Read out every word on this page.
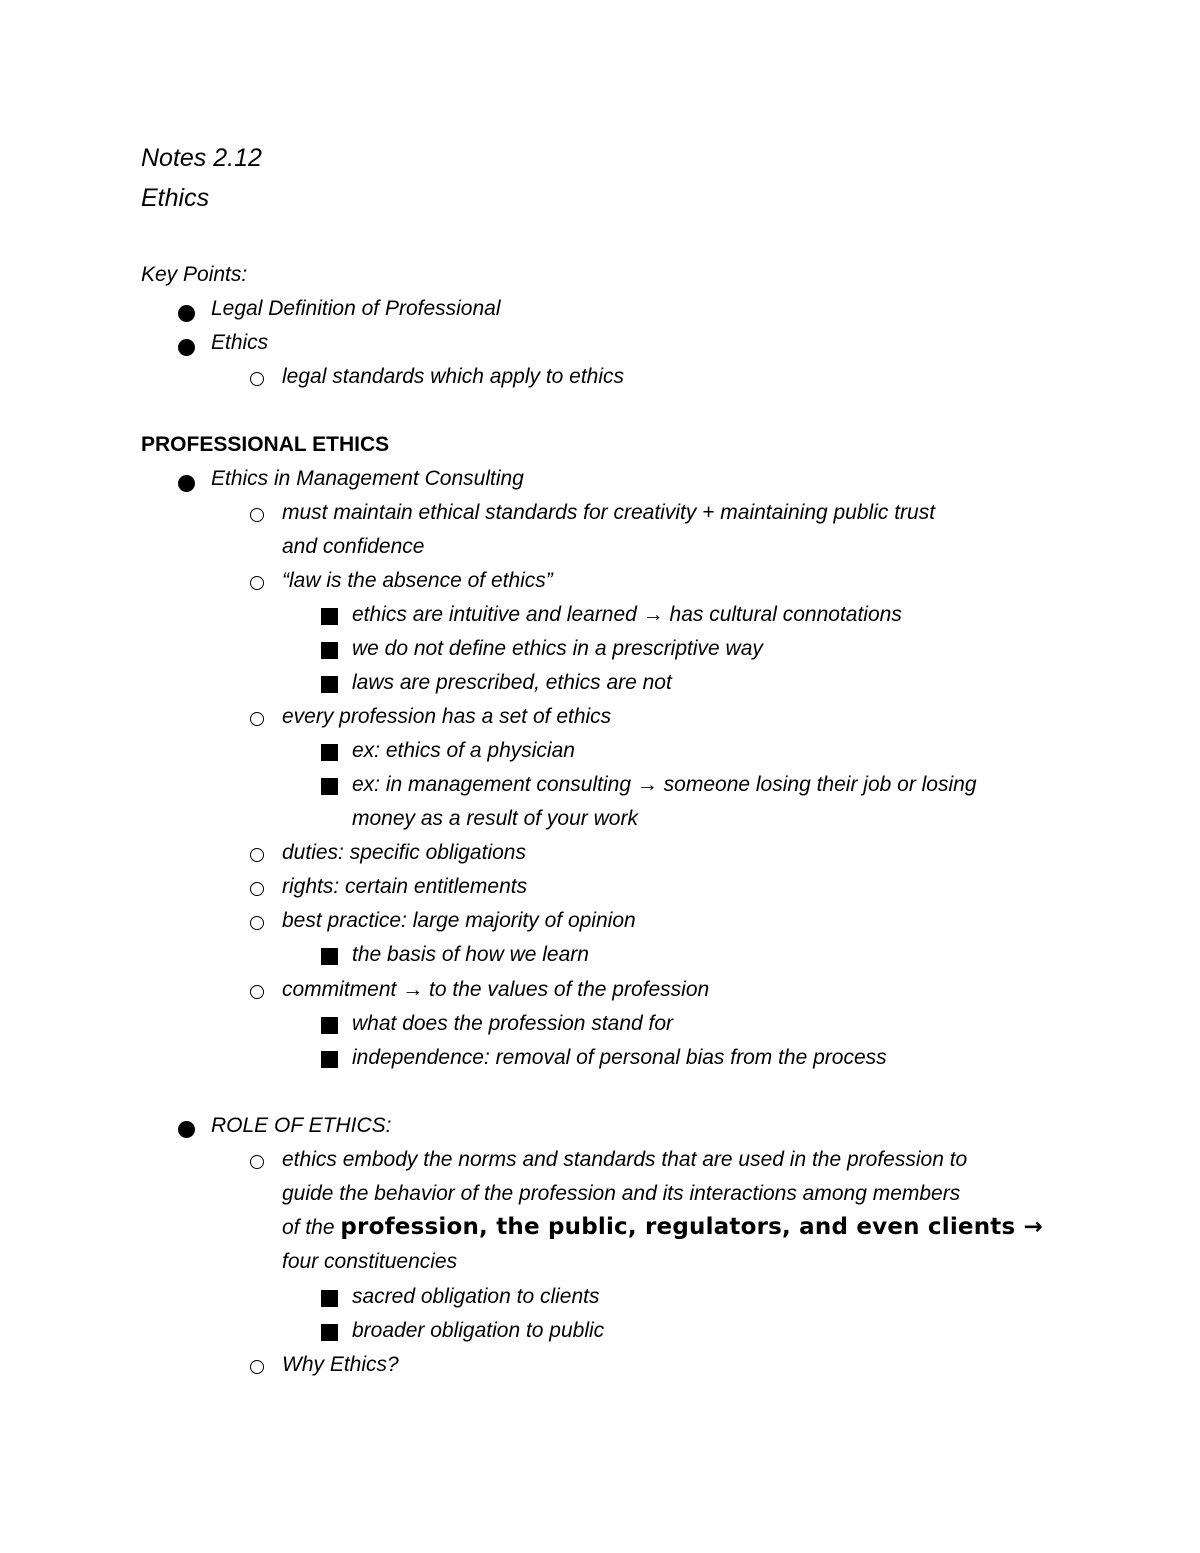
Notes 2.12
Ethics
Key Points:
Legal Definition of Professional
Ethics
legal standards which apply to ethics
PROFESSIONAL ETHICS
Ethics in Management Consulting
must maintain ethical standards for creativity + maintaining public trust
and confidence
“law is the absence of ethics”
ethics are intuitive and learned → has cultural connotations
we do not define ethics in a prescriptive way
laws are prescribed, ethics are not
every profession has a set of ethics
ex: ethics of a physician
ex: in management consulting → someone losing their job or losing
money as a result of your work
duties: specific obligations
rights: certain entitlements
best practice: large majority of opinion
the basis of how we learn
commitment → to the values of the profession
what does the profession stand for
independence: removal of personal bias from the process
ROLE OF ETHICS:
ethics embody the norms and standards that are used in the profession to
guide the behavior of the profession and its interactions among members
of the profession, the public, regulators, and even clients →
four constituencies
sacred obligation to clients
broader obligation to public
Why Ethics?
